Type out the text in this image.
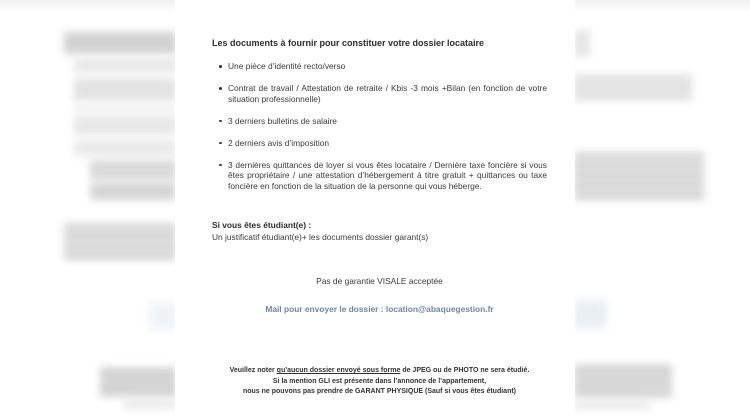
Les documents à fournir pour constituer votre dossier locataire
Une pièce d’identité recto/verso
Contrat de travail / Attestation de retraite / Kbis -3 mois +Bilan (en fonction de votre situation professionnelle)
3 derniers bulletins de salaire
2 derniers avis d’imposition
3 dernières quittances de loyer si vous êtes locataire / Dernière taxe foncière si vous êtes propriétaire / une attestation d’hébergement à titre gratuit + quittances ou taxe foncière en fonction de la situation de la personne qui vous héberge.
Si vous êtes étudiant(e) :
Un justificatif étudiant(e)+ les documents dossier garant(s)
Pas de garantie VISALE acceptée
Mail pour envoyer le dossier : location@abaquegestion.fr
Veuillez noter qu’aucun dossier envoyé sous forme de JPEG ou de PHOTO ne sera étudié.
Si la mention GLI est présente dans l’annonce de l’appartement,
nous ne pouvons pas prendre de GARANT PHYSIQUE (Sauf si vous êtes étudiant)
